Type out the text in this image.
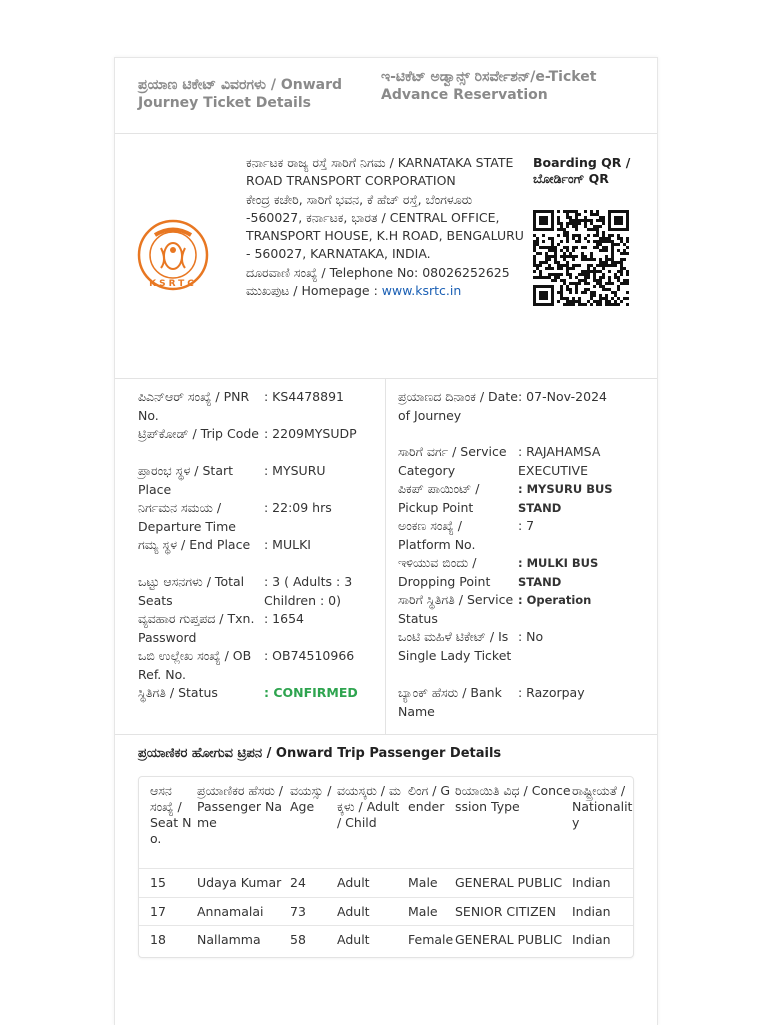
ಪ್ರಯಾಣ ಟಿಕೇಟ್ ವಿವರಗಳು / Onward Journey Ticket Details
ಇ-ಟಿಕೆಟ್ ಅಡ್ವಾನ್ಸ್ ರಿಸರ್ವೇಶನ್/e-Ticket Advance Reservation
KSRTC
ಕರ್ನಾಟಕ ರಾಜ್ಯ ರಸ್ತೆ ಸಾರಿಗೆ ನಿಗಮ / KARNATAKA STATE ROAD TRANSPORT CORPORATION
ಕೇಂದ್ರ ಕಚೇರಿ, ಸಾರಿಗೆ ಭವನ, ಕೆ ಹೆಚ್ ರಸ್ತೆ, ಬೆಂಗಳೂರು -560027, ಕರ್ನಾಟಕ, ಭಾರತ / CENTRAL OFFICE, TRANSPORT HOUSE, K.H ROAD, BENGALURU - 560027, KARNATAKA, INDIA.
ದೂರವಾಣಿ ಸಂಖ್ಯೆ / Telephone No: 08026252625
ಮುಖಪುಟ / Homepage : www.ksrtc.in
Boarding QR / ಬೋರ್ಡಿಂಗ್ QR
ಪಿಎನ್ಆರ್ ಸಂಖ್ಯೆ / PNR No.
: KS4478891
ಟ್ರಿಪ್‌ಕೋಡ್ / Trip Code : 2209MYSUDP
ಪ್ರಾರಂಭ ಸ್ಥಳ / Start Place
: MYSURU
ನಿರ್ಗಮನ ಸಮಯ / Departure Time
: 22:09 hrs
ಗಮ್ಯ ಸ್ಥಳ / End Place	: MULKI
ಒಟ್ಟು ಆಸನಗಳು / Total Seats
: 3 ( Adults : 3 Children : 0)
ವ್ಯವಹಾರ ಗುಪ್ತಪದ / Txn. Password
: 1654
ಒಬಿ ಉಲ್ಲೇಖ ಸಂಖ್ಯೆ / OB Ref. No.
: OB74510966
ಸ್ಥಿತಿಗತಿ / Status	: CONFIRMED
ಪ್ರಯಾಣದ ದಿನಾಂಕ / Date of Journey
: 07-Nov-2024
ಸಾರಿಗೆ ವರ್ಗ / Service Category
: RAJAHAMSA EXECUTIVE
ಪಿಕಪ್ ಪಾಯಿಂಟ್ / Pickup Point
: MYSURU BUS STAND
ಅಂಕಣ ಸಂಖ್ಯೆ / Platform No.
: 7
ಇಳಿಯುವ ಬಿಂದು / Dropping Point
: MULKI BUS STAND
ಸಾರಿಗೆ ಸ್ಥಿತಿಗತಿ / Service Status
: Operation
ಒಂಟಿ ಮಹಿಳೆ ಟಿಕೇಟ್ / Is Single Lady Ticket
: No
ಬ್ಯಾಂಕ್ ಹೆಸರು / Bank Name
: Razorpay
ಪ್ರಯಾಣಿಕರ ಹೋಗುವ ಟ್ರಿಪನ / Onward Trip Passenger Details
ಆಸನ ಸಂಖ್ಯೆ / Seat No.
ಪ್ರಯಾಣಿಕರ ಹೆಸರು / Passenger Name
ವಯಸ್ಸು / Age
ವಯಸ್ಕರು / ಮಕ್ಕಳು / Adult / Child
ಲಿಂಗ / Gender
ರಿಯಾಯಿತಿ ವಿಧ / Concession Type
ರಾಷ್ಟ್ರೀಯತೆ / Nationality
15 Udaya Kumar 24 Adult	Male GENERAL PUBLIC Indian
17 Annamalai 73 Adult	Male SENIOR CITIZEN Indian
18 Nallamma 58 Adult	Female GENERAL PUBLIC Indian
